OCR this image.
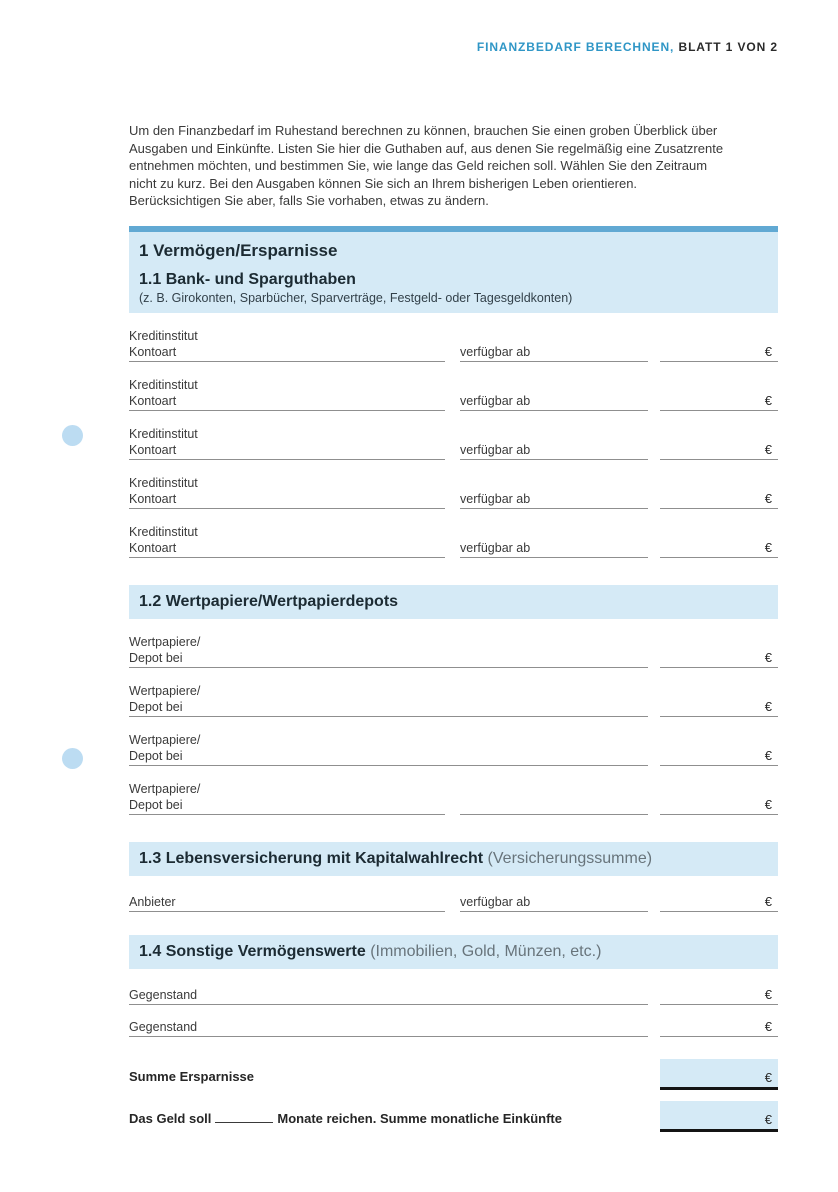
FINANZBEDARF BERECHNEN, BLATT 1 VON 2

Um den Finanzbedarf im Ruhestand berechnen zu können, brauchen Sie einen groben Überblick über Ausgaben und Einkünfte. Listen Sie hier die Guthaben auf, aus denen Sie regelmäßig eine Zusatzrente entnehmen möchten, und bestimmen Sie, wie lange das Geld reichen soll. Wählen Sie den Zeitraum nicht zu kurz. Bei den Ausgaben können Sie sich an Ihrem bisherigen Leben orientieren. Berücksichtigen Sie aber, falls Sie vorhaben, etwas zu ändern.

1 Vermögen/Ersparnisse
1.1 Bank- und Sparguthaben
(z. B. Girokonten, Sparbücher, Sparverträge, Festgeld- oder Tagesgeldkonten)
Kreditinstitut
Kontoart	verfügbar ab	€
Kreditinstitut
Kontoart	verfügbar ab	€
Kreditinstitut
Kontoart	verfügbar ab	€
Kreditinstitut
Kontoart	verfügbar ab	€
Kreditinstitut
Kontoart	verfügbar ab	€
1.2 Wertpapiere/Wertpapierdepots
Wertpapiere/
Depot bei	€
Wertpapiere/
Depot bei	€
Wertpapiere/
Depot bei	€
Wertpapiere/
Depot bei	€
1.3 Lebensversicherung mit Kapitalwahlrecht (Versicherungssumme)
Anbieter	verfügbar ab	€
1.4 Sonstige Vermögenswerte (Immobilien, Gold, Münzen, etc.)
Gegenstand	€
Gegenstand	€
Summe Ersparnisse	€
Das Geld soll	Monate reichen. Summe monatliche Einkünfte	€
